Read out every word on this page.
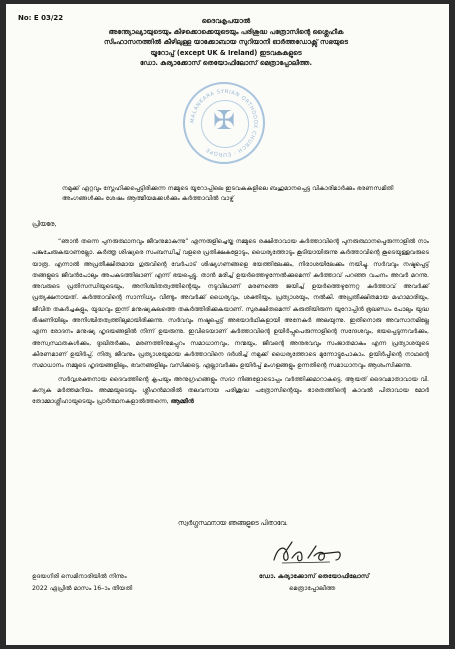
No: E 03/22	ദൈവകൃപയാൽ
അന്ത്യോഖ്യായുടെയും കിഴക്കൊക്കെയുടെയും പരിശുദ്ധ പത്രോസിന്റെ ശ്ലൈഹീക
സിംഹാസനത്തിൽ കീഴിലുള്ള യാക്കോബായ സുറിയാനി ഓർത്തഡോക്സ് സഭയുടെ
യൂറോപ്പ് (except UK & Ireland) ഇടവകകളുടെ
ഡോ. കുര്യാക്കോസ് തെയോഫിലോസ് മെത്രാപ്പോലീത്ത.
MALANKARA SYRIAN ORTHODOX CHURCH · EUROPE
✠
നമുക്ക് ഏറ്റവും സ്നേഹിക്കപ്പെട്ടിരിക്കുന്ന നമ്മുടെ യൂറോപ്പിലെ ഇടവകകളിലെ ബഹുമാനപ്പെട്ട വികാരിമാർക്കും ഭരണസമിതി അംഗങ്ങൾക്കും ശേഷം ആത്മീയമക്കൾക്കും കർത്താവിൽ വാഴ്വ്
പ്രിയരേ,

“ഞാൻ തന്നെ പുനരുത്ഥാനവും ജീവനുമാകുന്നു” എന്നരുളിച്ചെയ്ത നമ്മുടെ രക്ഷിതാവായ കർത്താവിന്റെ പുനരുത്ഥാനപ്പെരുന്നാളിൽ നാം പങ്കുചേരുകയാണല്ലോ. കർത്തൃ ശിഷ്യരെ സംബന്ധിച്ച് വളരെ പ്രതിക്ഷകളോടും, ധൈര്യത്തോടും കൂടിയായിരുന്നു കർത്താവിന്റെ കൂടെയുള്ളവരുടെ യാത്ര. എന്നാൽ അപ്രതീക്ഷിതമായ ഗുരുവിന്റെ വേർപാട് ശിഷ്യഗണങ്ങളെ ഭയത്തിലേക്കും, നിരാശയിലേക്കും നയിച്ചു. സർവവും നഷ്ടപ്പെട്ട് തങ്ങളുടെ ജീവൻപോലും അപകടത്തിലാണ് എന്ന് ഭയപ്പെട്ടു. താൻ മരിച്ച് ഉയർത്തെഴുന്നേൽക്കുമെന്ന് കർത്താവ് പറഞ്ഞ വചനം അവർ മറന്നു. അവരുടെ പ്രതിസന്ധിയുടെയും, അനിശ്ചിതത്വത്തിന്റെയും നടുവിലാണ് മരണത്തെ ജയിച്ച് ഉയർത്തെഴുന്നേറ്റ കർത്താവ് അവർക്ക് പ്രത്യക്ഷനായത്. കർത്താവിന്റെ സാന്നിധ്യം വീണ്ടും അവർക്ക് ധൈര്യവും, ശക്തിയും, പ്രത്യാശയും, നൽകി. അപ്രതീക്ഷിതമായ മഹാമാരിയും, ജീവിത തകർച്ചകളും, യുദ്ധവും ഇന്ന് മനുഷ്യകുലത്തെ തകർത്തിരിക്കുകയാണ്. സുരക്ഷിതമെന്ന് കരുതിയിരുന്ന യൂറോപ്പിൻ ഭൂഖണ്ഡം പോലും യുദ്ധ ഭീഷണിയിലും അനിശ്ചിതത്വത്തിലുമായിരിക്കുന്നു. സർവവും നഷ്ടപ്പെട്ട് അഭയാർഥികളായി അനേകർ അലയുന്നു. ഇതിനൊരു അവസാനമില്ലേ എന്ന രോദനം മനുഷ്യ ഹൃദയങ്ങളിൽ നിന്ന് ഉയരുന്നു. ഇവിടെയാണ് കർത്താവിന്റെ ഉയിർപ്പുപെരുന്നാളിന്റെ സന്ദേശവും, ഭയപ്പെടുന്നവർക്കും, അസ്വസ്ഥതകൾക്കും, ദുഃഖിതർക്കും, മരണത്തിനുമപ്പുറം സമാധാനവും, നന്മയും, ജീവന്റെ അനുഭവവും സംജാതമാകും എന്ന പ്രത്യാശയുടെ കിരണമാണ് ഉയിർപ്പ്. നിത്യ ജീവനും പ്രത്യാശയുമായ കർത്താവിനെ ദർശിച്ച് നമുക്ക് ധൈര്യത്തോടെ മുന്നോട്ടുപോകാം. ഉയിർപ്പിന്റെ നാഥന്റെ സമാധാനം നമ്മുടെ ഹൃദയങ്ങളിലും, ഭവനങ്ങളിലും വസിക്കട്ടെ. എല്ലാവർക്കും ഉയിർപ്പ് മംഗളങ്ങളും ഉന്നതിന്റെ സമാധാനവും ആശംസിക്കുന്നു.

സർവ്വശക്തനായ ദൈവത്തിന്റെ കൃപയും അനുഗ്രഹങ്ങളും സദാ നിങ്ങളോടൊപ്പം വർത്തിക്കുമാറാകട്ടെ. ആയത് ദൈവമാതാവായ വി. കന്യക മർത്തമറിയം അമ്മയുടെയും ശ്ലീഹൻമാരിൽ തലവനായ പരിശുദ്ധ പത്രോസിന്റെയും ഭാരതത്തിന്റെ കാവൽ പിതാവായ മോർ തോമ്മാശ്ലീഹായുടെയും പ്രാർത്ഥനകളാൽത്തന്നെ, ആമ്മീൻ

സ്വർഗ്ഗസ്ഥനായ ഞങ്ങളുടെ പിതാവേ.
ഉദയഗിരി സെമിനാരിയിൽ നിന്നും
2022 ഏപ്രിൽ മാസം 16–ാം തീയതി
ഡോ. കുര്യാക്കോസ് തെയോഫിലോസ്
മെത്രാപ്പോലീത്ത
